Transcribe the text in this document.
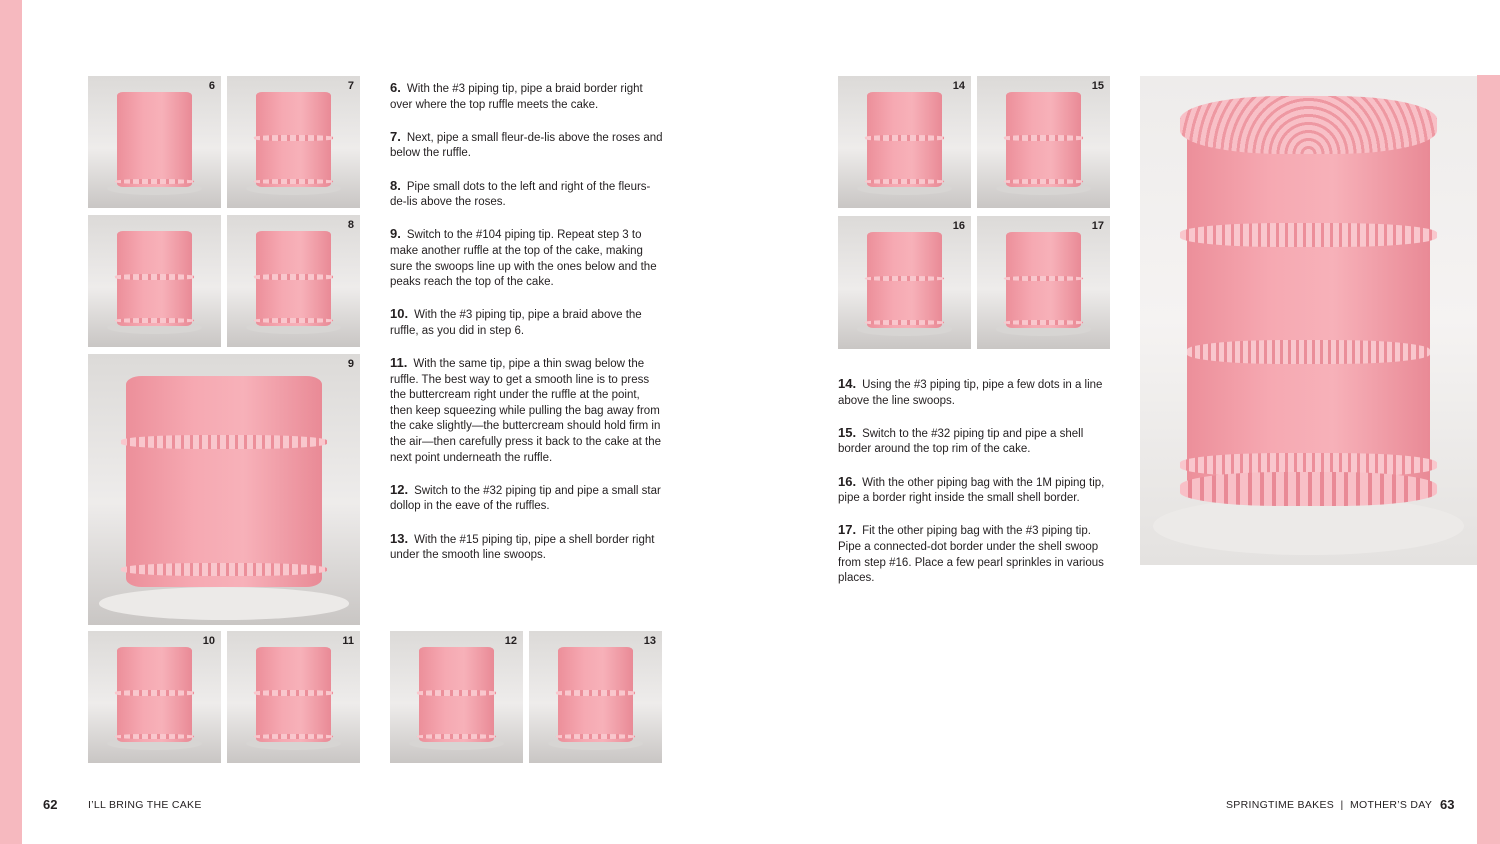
6	7
8
9
10	11	12	13

6. With the #3 piping tip, pipe a braid border right over where the top ruffle meets the cake.

7. Next, pipe a small fleur-de-lis above the roses and below the ruffle.

8. Pipe small dots to the left and right of the fleurs-de-lis above the roses.

9. Switch to the #104 piping tip. Repeat step 3 to make another ruffle at the top of the cake, making sure the swoops line up with the ones below and the peaks reach the top of the cake.

10. With the #3 piping tip, pipe a braid above the ruffle, as you did in step 6.

11. With the same tip, pipe a thin swag below the ruffle. The best way to get a smooth line is to press the buttercream right under the ruffle at the point, then keep squeezing while pulling the bag away from the cake slightly—the buttercream should hold firm in the air—then carefully press it back to the cake at the next point underneath the ruffle.

12. Switch to the #32 piping tip and pipe a small star dollop in the eave of the ruffles.

13. With the #15 piping tip, pipe a shell border right under the smooth line swoops.

14	15
16	17

14. Using the #3 piping tip, pipe a few dots in a line above the line swoops.

15. Switch to the #32 piping tip and pipe a shell border around the top rim of the cake.

16. With the other piping bag with the 1M piping tip, pipe a border right inside the small shell border.

17. Fit the other piping bag with the #3 piping tip. Pipe a connected-dot border under the shell swoop from step #16. Place a few pearl sprinkles in various places.

62	I’LL BRING THE CAKE	SPRINGTIME BAKES  |  MOTHER’S DAY 63
